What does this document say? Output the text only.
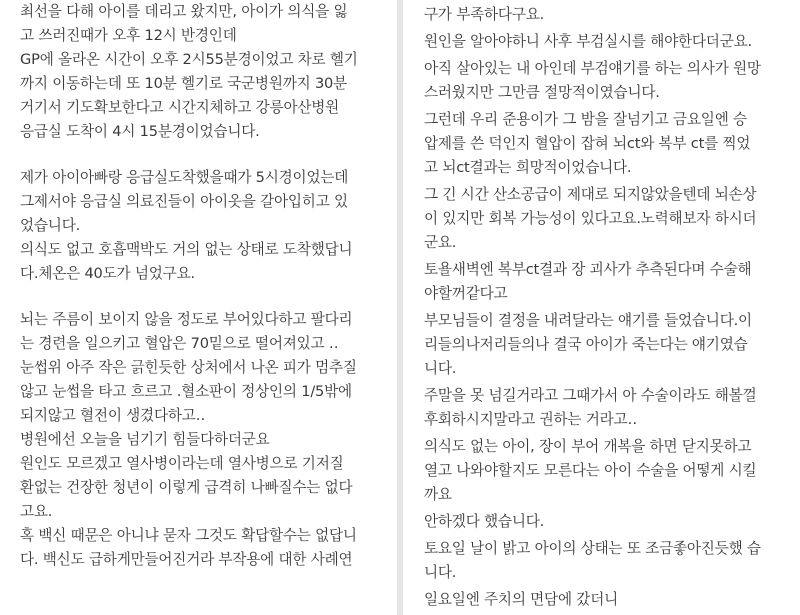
최선을 다해 아이를 데리고 왔지만, 아이가 의식을 잃
고 쓰러진때가 오후 12시 반경인데
GP에 올라온 시간이 오후 2시55분경이었고 차로 헬기
까지 이동하는데 또 10분 헬기로 국군병원까지 30분
거기서 기도확보한다고 시간지체하고 강릉아산병원
응급실 도착이 4시 15분경이었습니다.
제가 아이아빠랑 응급실도착했을때가 5시경이었는데
그제서야 응급실 의료진들이 아이옷을 갈아입히고 있
었습니다.
의식도 없고 호흡맥박도 거의 없는 상태로 도착했답니
다.체온은 40도가 넘었구요.
뇌는 주름이 보이지 않을 정도로 부어있다하고 팔다리
는 경련을 일으키고 혈압은 70밑으로 떨어져있고 ‥
눈썹위 아주 작은 긁힌듯한 상처에서 나온 피가 멈추질
않고 눈썹을 타고 흐르고 .혈소판이 정상인의 1/5밖에
되지않고 혈전이 생겼다하고‥
병원에선 오늘을 넘기기 힘들다하더군요
원인도 모르겠고 열사병이라는데 열사병으로 기저질
환없는 건장한 청년이 이렇게 급격히 나빠질수는 없다
고요.
혹 백신 때문은 아니냐 묻자 그것도 확답할수는 없답니
다. 백신도 급하게만들어진거라 부작용에 대한 사례연
구가 부족하다구요.
원인을 알아야하니 사후 부검실시를 해야한다더군요.
아직 살아있는 내 아인데 부검얘기를 하는 의사가 원망
스러웠지만 그만큼 절망적이였습니다.
그런데 우리 준용이가 그 밤을 잘넘기고 금요일엔 승
압제를 쓴 덕인지 혈압이 잡혀 뇌ct와 복부 ct를 찍었
고 뇌ct결과는 희망적이었습니다.
그 긴 시간 산소공급이 제대로 되지않았을텐데 뇌손상
이 있지만 회복 가능성이 있다고요.노력해보자 하시더
군요.
토욜새벽엔 복부ct결과 장 괴사가 추측된다며 수술해
야할꺼같다고
부모님들이 결정을 내려달라는 얘기를 들었습니다.이
리들의나저리들의나 결국 아이가 죽는다는 얘기였습
니다.
주말을 못 넘길거라고 그때가서 아 수술이라도 해볼껄
후회하시지말라고 권하는 거라고‥
의식도 없는 아이, 장이 부어 개복을 하면 닫지못하고
열고 나와야할지도 모른다는 아이 수술을 어떻게 시킬
까요
안하겠다 했습니다.
토요일 날이 밝고 아이의 상태는 또 조금좋아진듯했 습
니다.
일요일엔 주치의 면담에 갔더니
